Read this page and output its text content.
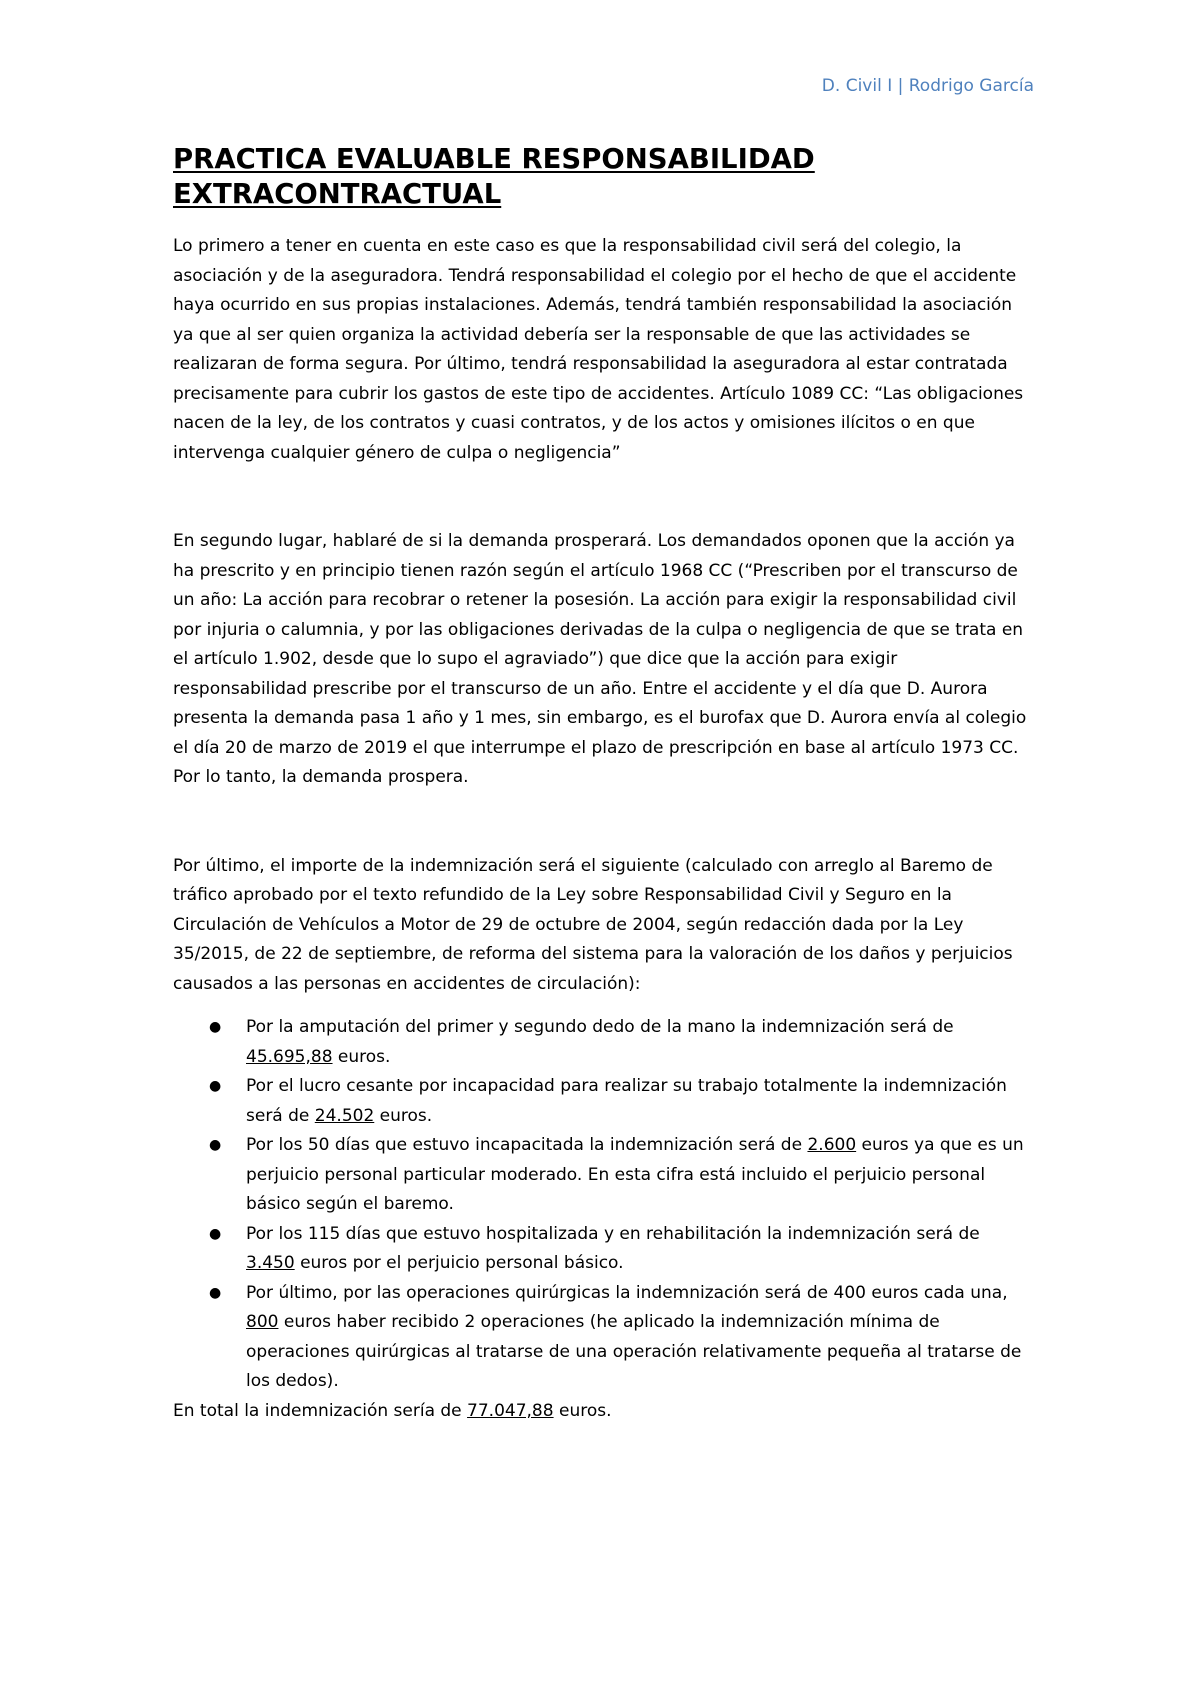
D. Civil I | Rodrigo García
PRACTICA EVALUABLE RESPONSABILIDAD EXTRACONTRACTUAL

Lo primero a tener en cuenta en este caso es que la responsabilidad civil será del colegio, la asociación y de la aseguradora. Tendrá responsabilidad el colegio por el hecho de que el accidente haya ocurrido en sus propias instalaciones. Además, tendrá también responsabilidad la asociación ya que al ser quien organiza la actividad debería ser la responsable de que las actividades se realizaran de forma segura. Por último, tendrá responsabilidad la aseguradora al estar contratada precisamente para cubrir los gastos de este tipo de accidentes. Artículo 1089 CC: “Las obligaciones nacen de la ley, de los contratos y cuasi contratos, y de los actos y omisiones ilícitos o en que intervenga cualquier género de culpa o negligencia”

En segundo lugar, hablaré de si la demanda prosperará. Los demandados oponen que la acción ya ha prescrito y en principio tienen razón según el artículo 1968 CC (“Prescriben por el transcurso de un año: La acción para recobrar o retener la posesión. La acción para exigir la responsabilidad civil por injuria o calumnia, y por las obligaciones derivadas de la culpa o negligencia de que se trata en el artículo 1.902, desde que lo supo el agraviado”) que dice que la acción para exigir responsabilidad prescribe por el transcurso de un año. Entre el accidente y el día que D. Aurora presenta la demanda pasa 1 año y 1 mes, sin embargo, es el burofax que D. Aurora envía al colegio el día 20 de marzo de 2019 el que interrumpe el plazo de prescripción en base al artículo 1973 CC. Por lo tanto, la demanda prospera.

Por último, el importe de la indemnización será el siguiente (calculado con arreglo al Baremo de tráfico aprobado por el texto refundido de la Ley sobre Responsabilidad Civil y Seguro en la Circulación de Vehículos a Motor de 29 de octubre de 2004, según redacción dada por la Ley 35/2015, de 22 de septiembre, de reforma del sistema para la valoración de los daños y perjuicios causados a las personas en accidentes de circulación):

● Por la amputación del primer y segundo dedo de la mano la indemnización será de 45.695,88 euros.
● Por el lucro cesante por incapacidad para realizar su trabajo totalmente la indemnización será de 24.502 euros.
● Por los 50 días que estuvo incapacitada la indemnización será de 2.600 euros ya que es un perjuicio personal particular moderado. En esta cifra está incluido el perjuicio personal básico según el baremo.
● Por los 115 días que estuvo hospitalizada y en rehabilitación la indemnización será de 3.450 euros por el perjuicio personal básico.
● Por último, por las operaciones quirúrgicas la indemnización será de 400 euros cada una, 800 euros haber recibido 2 operaciones (he aplicado la indemnización mínima de operaciones quirúrgicas al tratarse de una operación relativamente pequeña al tratarse de los dedos).

En total la indemnización sería de 77.047,88 euros.
